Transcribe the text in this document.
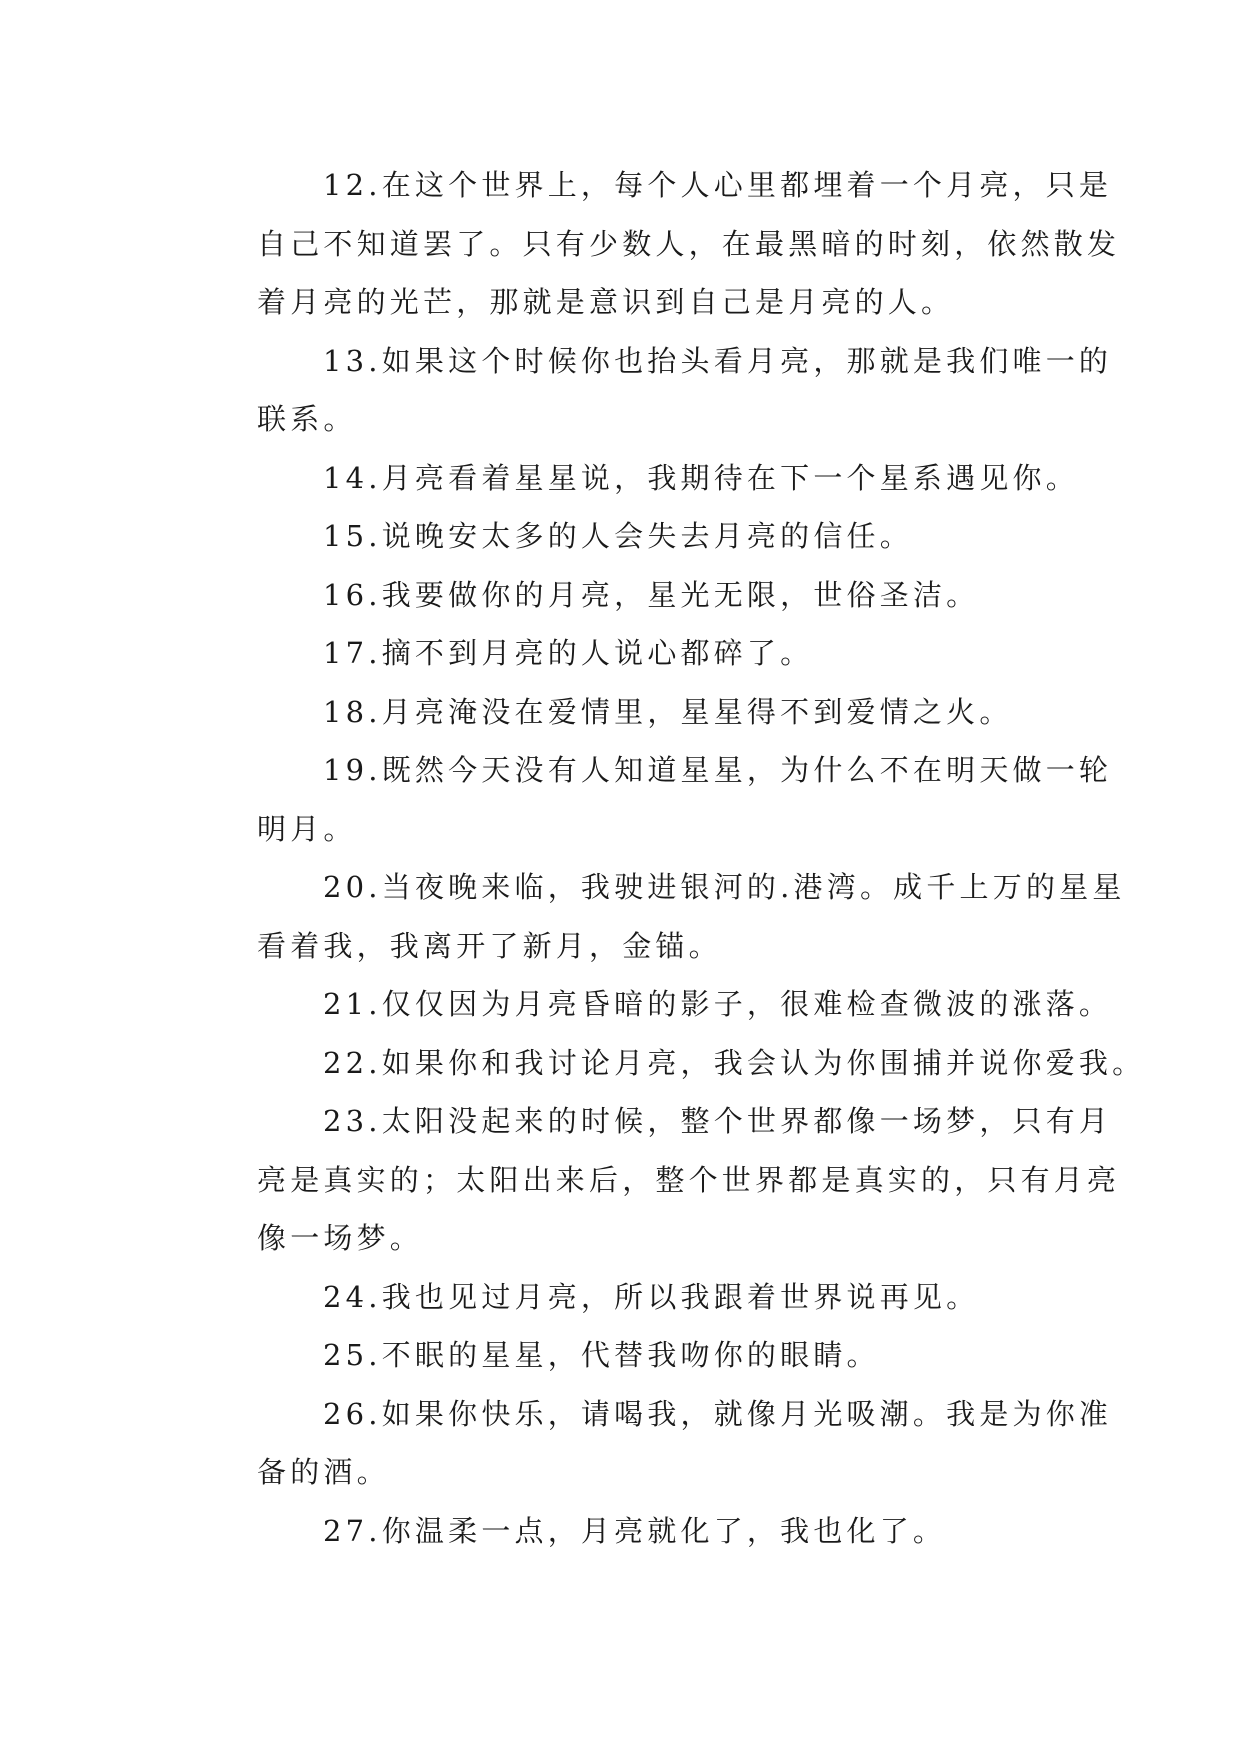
12.在这个世界上，每个人心里都埋着一个月亮，只是
自己不知道罢了。只有少数人，在最黑暗的时刻，依然散发
着月亮的光芒，那就是意识到自己是月亮的人。
13.如果这个时候你也抬头看月亮，那就是我们唯一的
联系。
14.月亮看着星星说，我期待在下一个星系遇见你。
15.说晚安太多的人会失去月亮的信任。
16.我要做你的月亮，星光无限，世俗圣洁。
17.摘不到月亮的人说心都碎了。
18.月亮淹没在爱情里，星星得不到爱情之火。
19.既然今天没有人知道星星，为什么不在明天做一轮
明月。
20.当夜晚来临，我驶进银河的.港湾。成千上万的星星
看着我，我离开了新月，金锚。
21.仅仅因为月亮昏暗的影子，很难检查微波的涨落。
22.如果你和我讨论月亮，我会认为你围捕并说你爱我。
23.太阳没起来的时候，整个世界都像一场梦，只有月
亮是真实的；太阳出来后，整个世界都是真实的，只有月亮
像一场梦。
24.我也见过月亮，所以我跟着世界说再见。
25.不眠的星星，代替我吻你的眼睛。
26.如果你快乐，请喝我，就像月光吸潮。我是为你准
备的酒。
27.你温柔一点，月亮就化了，我也化了。
